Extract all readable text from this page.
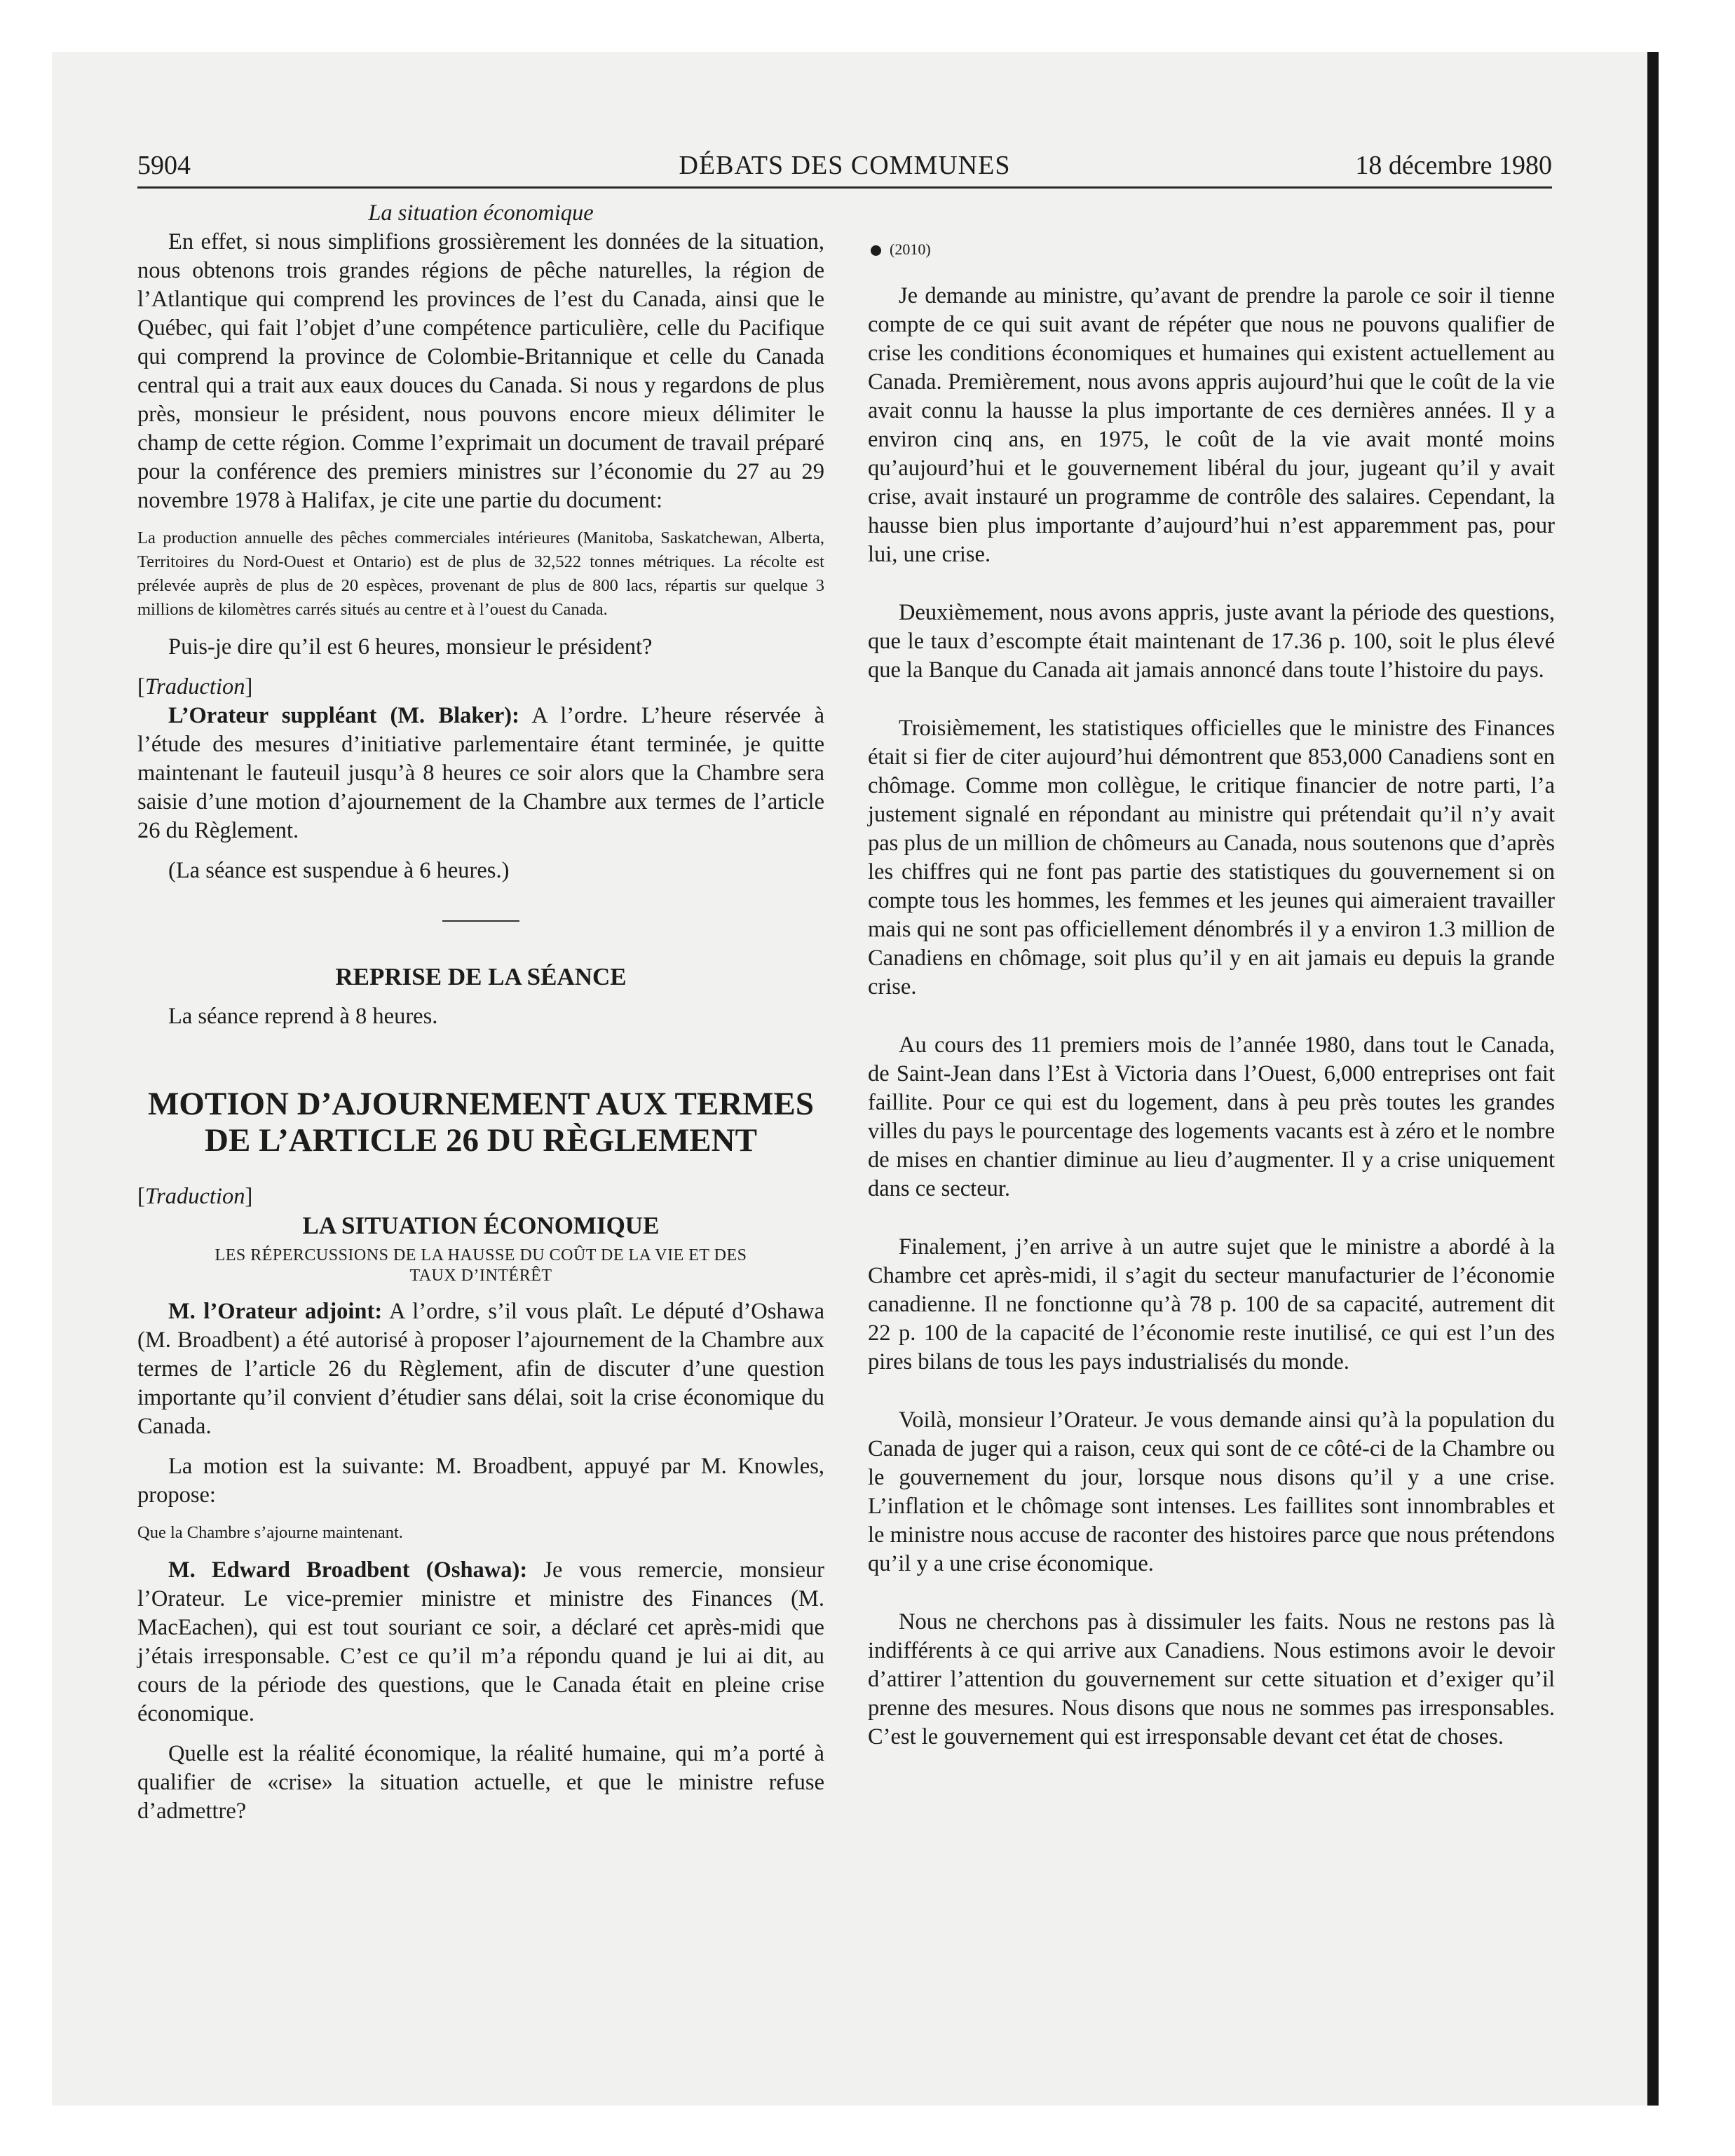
5904	DÉBATS DES COMMUNES	18 décembre 1980

La situation économique

En effet, si nous simplifions grossièrement les données de la situation, nous obtenons trois grandes régions de pêche naturelles, la région de l’Atlantique qui comprend les provinces de l’est du Canada, ainsi que le Québec, qui fait l’objet d’une compétence particulière, celle du Pacifique qui comprend la province de Colombie-Britannique et celle du Canada central qui a trait aux eaux douces du Canada. Si nous y regardons de plus près, monsieur le président, nous pouvons encore mieux délimiter le champ de cette région. Comme l’exprimait un document de travail préparé pour la conférence des premiers ministres sur l’économie du 27 au 29 novembre 1978 à Halifax, je cite une partie du document:

La production annuelle des pêches commerciales intérieures (Manitoba, Saskatchewan, Alberta, Territoires du Nord-Ouest et Ontario) est de plus de 32,522 tonnes métriques. La récolte est prélevée auprès de plus de 20 espèces, provenant de plus de 800 lacs, répartis sur quelque 3 millions de kilomètres carrés situés au centre et à l’ouest du Canada.

Puis-je dire qu’il est 6 heures, monsieur le président?

[Traduction]

L’Orateur suppléant (M. Blaker): A l’ordre. L’heure réservée à l’étude des mesures d’initiative parlementaire étant terminée, je quitte maintenant le fauteuil jusqu’à 8 heures ce soir alors que la Chambre sera saisie d’une motion d’ajournement de la Chambre aux termes de l’article 26 du Règlement.

(La séance est suspendue à 6 heures.)

REPRISE DE LA SÉANCE

La séance reprend à 8 heures.

MOTION D’AJOURNEMENT AUX TERMES
DE L’ARTICLE 26 DU RÈGLEMENT

[Traduction]

LA SITUATION ÉCONOMIQUE

LES RÉPERCUSSIONS DE LA HAUSSE DU COÛT DE LA VIE ET DES
TAUX D’INTÉRÊT

M. l’Orateur adjoint: A l’ordre, s’il vous plaît. Le député d’Oshawa (M. Broadbent) a été autorisé à proposer l’ajournement de la Chambre aux termes de l’article 26 du Règlement, afin de discuter d’une question importante qu’il convient d’étudier sans délai, soit la crise économique du Canada.

La motion est la suivante: M. Broadbent, appuyé par M. Knowles, propose:

Que la Chambre s’ajourne maintenant.

M. Edward Broadbent (Oshawa): Je vous remercie, monsieur l’Orateur. Le vice-premier ministre et ministre des Finances (M. MacEachen), qui est tout souriant ce soir, a déclaré cet après-midi que j’étais irresponsable. C’est ce qu’il m’a répondu quand je lui ai dit, au cours de la période des questions, que le Canada était en pleine crise économique.

Quelle est la réalité économique, la réalité humaine, qui m’a porté à qualifier de «crise» la situation actuelle, et que le ministre refuse d’admettre?

(2010)

Je demande au ministre, qu’avant de prendre la parole ce soir il tienne compte de ce qui suit avant de répéter que nous ne pouvons qualifier de crise les conditions économiques et humaines qui existent actuellement au Canada. Premièrement, nous avons appris aujourd’hui que le coût de la vie avait connu la hausse la plus importante de ces dernières années. Il y a environ cinq ans, en 1975, le coût de la vie avait monté moins qu’aujourd’hui et le gouvernement libéral du jour, jugeant qu’il y avait crise, avait instauré un programme de contrôle des salaires. Cependant, la hausse bien plus importante d’aujourd’hui n’est apparemment pas, pour lui, une crise.

Deuxièmement, nous avons appris, juste avant la période des questions, que le taux d’escompte était maintenant de 17.36 p. 100, soit le plus élevé que la Banque du Canada ait jamais annoncé dans toute l’histoire du pays.

Troisièmement, les statistiques officielles que le ministre des Finances était si fier de citer aujourd’hui démontrent que 853,000 Canadiens sont en chômage. Comme mon collègue, le critique financier de notre parti, l’a justement signalé en répondant au ministre qui prétendait qu’il n’y avait pas plus de un million de chômeurs au Canada, nous soutenons que d’après les chiffres qui ne font pas partie des statistiques du gouvernement si on compte tous les hommes, les femmes et les jeunes qui aimeraient travailler mais qui ne sont pas officiellement dénombrés il y a environ 1.3 million de Canadiens en chômage, soit plus qu’il y en ait jamais eu depuis la grande crise.

Au cours des 11 premiers mois de l’année 1980, dans tout le Canada, de Saint-Jean dans l’Est à Victoria dans l’Ouest, 6,000 entreprises ont fait faillite. Pour ce qui est du logement, dans à peu près toutes les grandes villes du pays le pourcentage des logements vacants est à zéro et le nombre de mises en chantier diminue au lieu d’augmenter. Il y a crise uniquement dans ce secteur.

Finalement, j’en arrive à un autre sujet que le ministre a abordé à la Chambre cet après-midi, il s’agit du secteur manufacturier de l’économie canadienne. Il ne fonctionne qu’à 78 p. 100 de sa capacité, autrement dit 22 p. 100 de la capacité de l’économie reste inutilisé, ce qui est l’un des pires bilans de tous les pays industrialisés du monde.

Voilà, monsieur l’Orateur. Je vous demande ainsi qu’à la population du Canada de juger qui a raison, ceux qui sont de ce côté-ci de la Chambre ou le gouvernement du jour, lorsque nous disons qu’il y a une crise. L’inflation et le chômage sont intenses. Les faillites sont innombrables et le ministre nous accuse de raconter des histoires parce que nous prétendons qu’il y a une crise économique.

Nous ne cherchons pas à dissimuler les faits. Nous ne restons pas là indifférents à ce qui arrive aux Canadiens. Nous estimons avoir le devoir d’attirer l’attention du gouvernement sur cette situation et d’exiger qu’il prenne des mesures. Nous disons que nous ne sommes pas irresponsables. C’est le gouvernement qui est irresponsable devant cet état de choses.
